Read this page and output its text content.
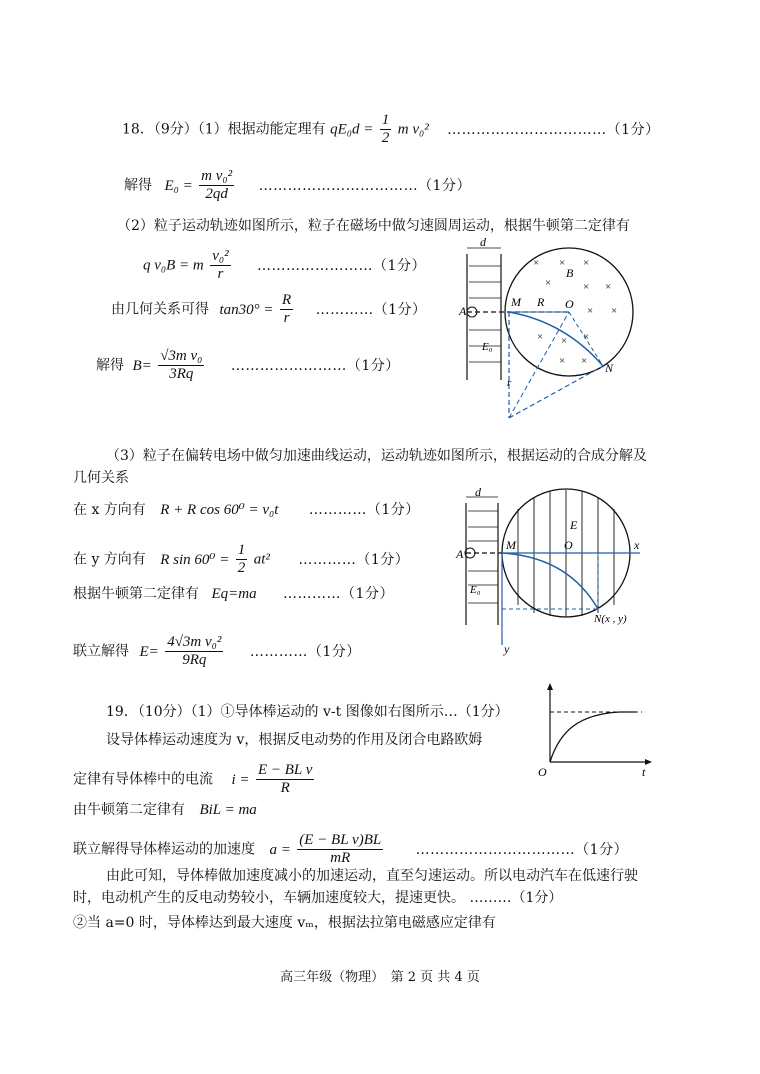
18．（9分）（1）根据动能定理有 $qE_0d = \frac{1}{2}$ m v₀² ……………………………（1分）
解得 $E_0 = \frac{\text{m v₀²}}{2qd}$ ……………………………（1分）
（2）粒子运动轨迹如图所示，粒子在磁场中做匀速圆周运动，根据牛顿第二定律有
q v₀B = m $\frac{\text{v₀²}}{r}$ ……………………（1分）
由几何关系可得 $\tan 30^\circ = \frac{R}{r}$ …………（1分）
解得 $B= \frac{\text{√3m v₀}}{3Rq}$ ……………………（1分）
d
B
× × ×
×	× ×
× ×
× × ×
× ×
A
M R O
N
E₀
r
（3）粒子在偏转电场中做匀加速曲线运动，运动轨迹如图所示，根据运动的合成分解及
几何关系
在 x 方向有 R + R cos 60⁰ = v₀t …………（1分）
在 y 方向有 R $\sin 60^0 = \frac{1}{2} at^2$ …………（1分）
根据牛顿第二定律有 Eq=ma …………（1分）
联立解得 $E= \frac{\text{4√3m v₀²}}{9Rq}$ …………（1分）
d
E
A
x
y
M	O
N(x , y)
E₀
19．（10分）（1）①导体棒运动的 v-t 图像如右图所示…（1分）
设导体棒运动速度为 v，根据反电动势的作用及闭合电路欧姆
定律有导体棒中的电流 $i = \frac{\text{E − BL v}}{R}$
由牛顿第二定律有 BiL = ma
联立解得导体棒运动的加速度 $a = \frac{\text{(E − BL v)BL}}{mR}$ ……………………………（1分）
由此可知，导体棒做加速度减小的加速运动，直至匀速运动。所以电动汽车在低速行驶
时，电动机产生的反电动势较小，车辆加速度较大，提速更快。 ………（1分）
②当 a=0 时，导体棒达到最大速度 vₘ，根据法拉第电磁感应定律有
O	t
高三年级（物理）　第 2 页 共 4 页
